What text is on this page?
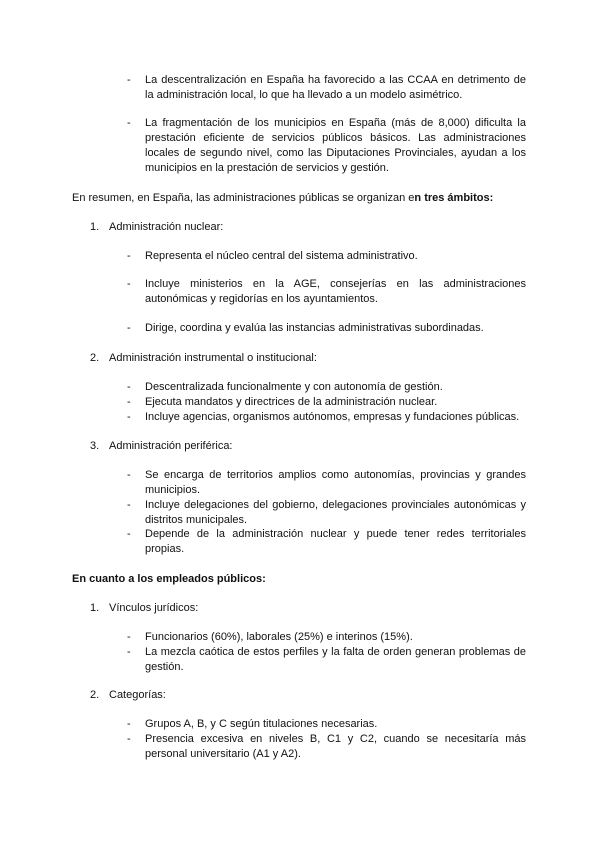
- La descentralización en España ha favorecido a las CCAA en detrimento de la administración local, lo que ha llevado a un modelo asimétrico.
- La fragmentación de los municipios en España (más de 8,000) dificulta la prestación eficiente de servicios públicos básicos. Las administraciones locales de segundo nivel, como las Diputaciones Provinciales, ayudan a los municipios en la prestación de servicios y gestión.
En resumen, en España, las administraciones públicas se organizan en tres ámbitos:
1. Administración nuclear:
- Representa el núcleo central del sistema administrativo.
- Incluye ministerios en la AGE, consejerías en las administraciones autonómicas y regidorías en los ayuntamientos.
- Dirige, coordina y evalúa las instancias administrativas subordinadas.
2. Administración instrumental o institucional:
- Descentralizada funcionalmente y con autonomía de gestión.
- Ejecuta mandatos y directrices de la administración nuclear.
- Incluye agencias, organismos autónomos, empresas y fundaciones públicas.
3. Administración periférica:
- Se encarga de territorios amplios como autonomías, provincias y grandes municipios.
- Incluye delegaciones del gobierno, delegaciones provinciales autonómicas y distritos municipales.
- Depende de la administración nuclear y puede tener redes territoriales propias.
En cuanto a los empleados públicos:
1. Vínculos jurídicos:
- Funcionarios (60%), laborales (25%) e interinos (15%).
- La mezcla caótica de estos perfiles y la falta de orden generan problemas de gestión.
2. Categorías:
- Grupos A, B, y C según titulaciones necesarias.
- Presencia excesiva en niveles B, C1 y C2, cuando se necesitaría más personal universitario (A1 y A2).
